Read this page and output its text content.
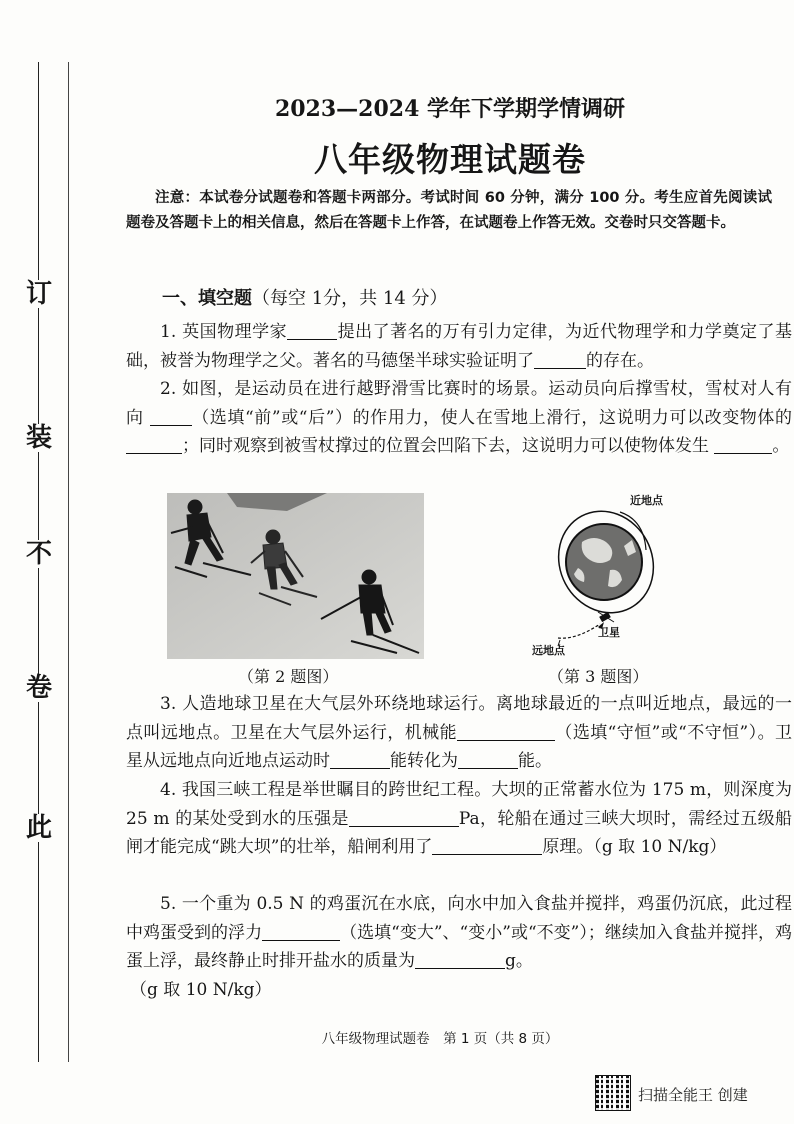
订
装
不
卷
此
2023—2024 学年下学期学情调研
八年级物理试题卷
注意：本试卷分试题卷和答题卡两部分。考试时间 60 分钟，满分 100 分。考生应首先阅读试题卷及答题卡上的相关信息，然后在答题卡上作答，在试题卷上作答无效。交卷时只交答题卡。
一、填空题（每空 1分，共 14 分）
1. 英国物理学家	提出了著名的万有引力定律，为近代物理学和力学奠定了基础，被誉为物理学之父。著名的马德堡半球实验证明了	的存在。
2. 如图，是运动员在进行越野滑雪比赛时的场景。运动员向后撑雪杖，雪杖对人有向 （选填“前”或“后”）的作用力，使人在雪地上滑行，这说明力可以改变物体的 ；同时观察到被雪杖撑过的位置会凹陷下去，这说明力可以使物体发生	。
（第 2 题图）
近地点
远地点
卫星
（第 3 题图）
3. 人造地球卫星在大气层外环绕地球运行。离地球最近的一点叫近地点，最远的一点叫远地点。卫星在大气层外运行，机械能	（选填“守恒”或“不守恒”）。卫星从远地点向近地点运动时	能转化为	能。
4. 我国三峡工程是举世瞩目的跨世纪工程。大坝的正常蓄水位为 175 m，则深度为 25 m 的某处受到水的压强是	Pa，轮船在通过三峡大坝时，需经过五级船闸才能完成“跳大坝”的壮举，船闸利用了	原理。（g 取 10 N/kg）
5. 一个重为 0.5 N 的鸡蛋沉在水底，向水中加入食盐并搅拌，鸡蛋仍沉底，此过程中鸡蛋受到的浮力	（选填“变大”、“变小”或“不变”）；继续加入食盐并搅拌，鸡蛋上浮，最终静止时排开盐水的质量为	g。
（g 取 10 N/kg）
八年级物理试题卷　第 1 页（共 8 页）
扫描全能王 创建
